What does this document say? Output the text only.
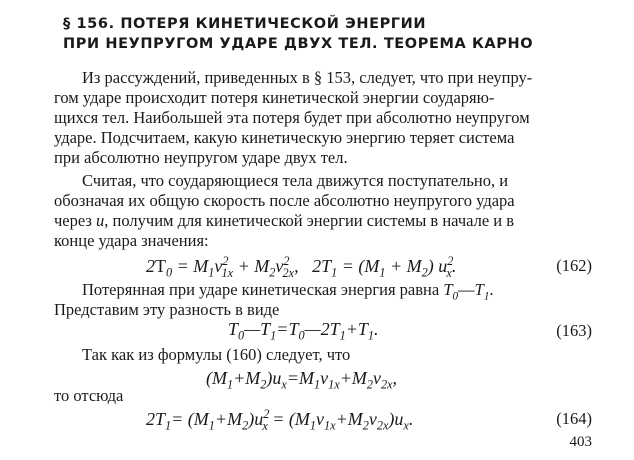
§ 156. ПОТЕРЯ КИНЕТИЧЕСКОЙ ЭНЕРГИИ
ПРИ НЕУПРУГОМ УДАРЕ ДВУХ ТЕЛ. ТЕОРЕМА КАРНО
Из рассуждений, приведенных в § 153, следует, что при неупру-
гом ударе происходит потеря кинетической энергии соударяю-
щихся тел. Наибольшей эта потеря будет при абсолютно неупругом
ударе. Подсчитаем, какую кинетическую энергию теряет система
при абсолютно неупругом ударе двух тел.
Считая, что соударяющиеся тела движутся поступательно, и
обозначая их общую скорость после абсолютно неупругого удара
через u, получим для кинетической энергии системы в начале и в
конце удара значения:
$2T_0 = M_1v^2_{1x} + M_2v^2_{2x}$,   $2T_1 = (M_1 + M_2)$ $u^2_x$.	(162)
Потерянная при ударе кинетическая энергия равна $T_0—T_1$.
Представим эту разность в виде
$T_0—T_1=T_0—2T_1+T_1$.	(163)
Так как из формулы (160) следует, что
$(M_1+M_2)u_x=M_1v_{1x}+M_2v_{2x}$,
то отсюда
$2T_1= (M_1+M_2)u^2_x = (M_1v_{1x}+M_2v_{2x})u_x$.	(164)
403
